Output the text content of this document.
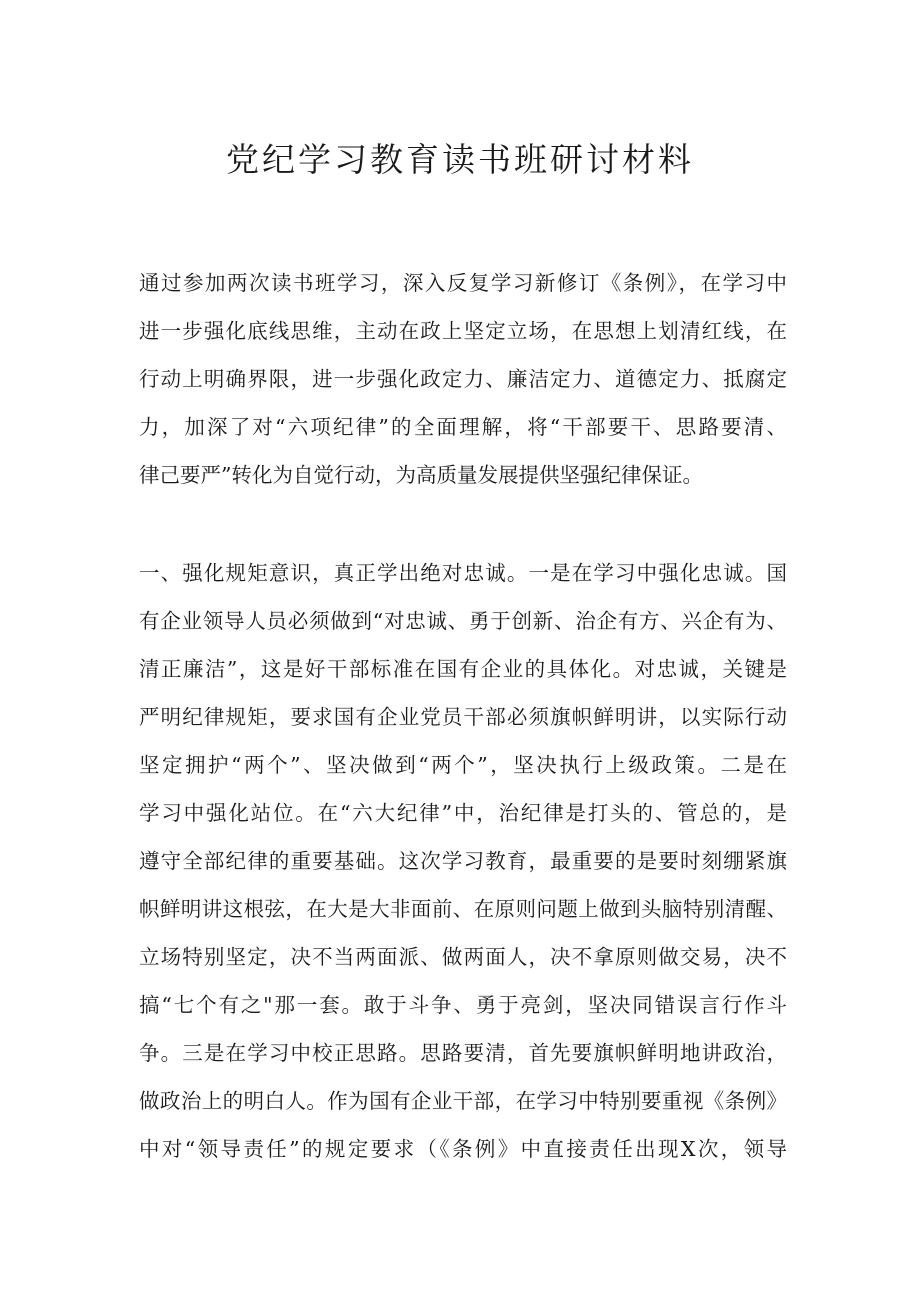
党纪学习教育读书班研讨材料
通过参加两次读书班学习，深入反复学习新修订《条例》，在学习中
进一步强化底线思维，主动在政上坚定立场，在思想上划清红线，在
行动上明确界限，进一步强化政定力、廉洁定力、道德定力、抵腐定
力，加深了对“六项纪律”的全面理解，将“干部要干、思路要清、
律己要严”转化为自觉行动，为高质量发展提供坚强纪律保证。
一、强化规矩意识，真正学出绝对忠诚。一是在学习中强化忠诚。国
有企业领导人员必须做到“对忠诚、勇于创新、治企有方、兴企有为、
清正廉洁”，这是好干部标准在国有企业的具体化。对忠诚，关键是
严明纪律规矩，要求国有企业党员干部必须旗帜鲜明讲，以实际行动
坚定拥护“两个”、坚决做到“两个”，坚决执行上级政策。二是在
学习中强化站位。在“六大纪律”中，治纪律是打头的、管总的，是
遵守全部纪律的重要基础。这次学习教育，最重要的是要时刻绷紧旗
帜鲜明讲这根弦，在大是大非面前、在原则问题上做到头脑特别清醒、
立场特别坚定，决不当两面派、做两面人，决不拿原则做交易，决不
搞“七个有之"那一套。敢于斗争、勇于亮剑，坚决同错误言行作斗
争。三是在学习中校正思路。思路要清，首先要旗帜鲜明地讲政治，
做政治上的明白人。作为国有企业干部，在学习中特别要重视《条例》
中对“领导责任”的规定要求（《条例》中直接责任出现X次，领导
